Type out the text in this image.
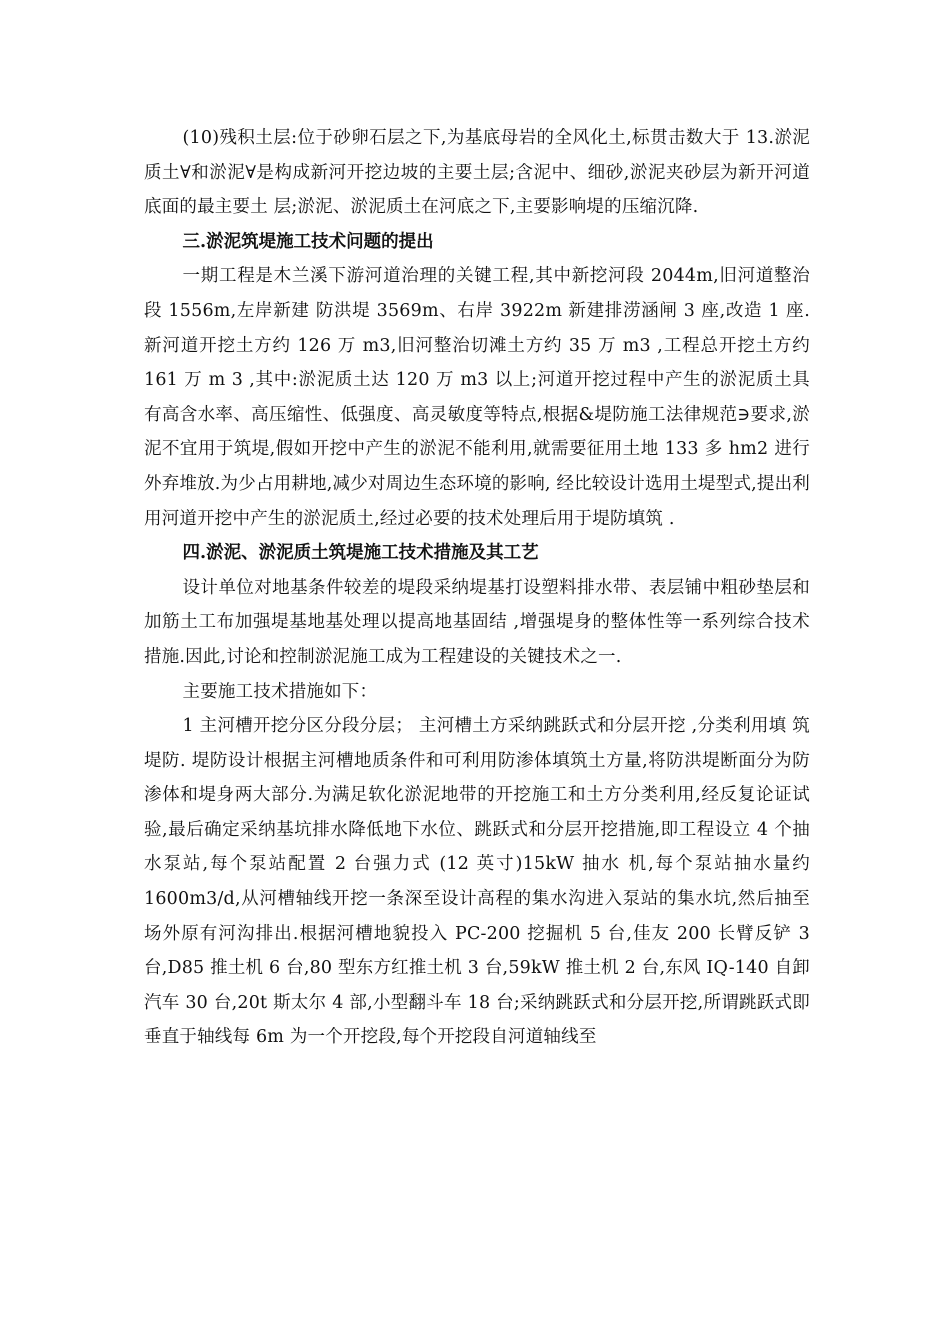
(10)残积土层:位于砂卵石层之下,为基底母岩的全风化土,标贯击数大于 13.淤泥质土∀和淤泥∀是构成新河开挖边坡的主要土层;含泥中、细砂,淤泥夹砂层为新开河道底面的最主要土 层;淤泥、淤泥质土在河底之下,主要影响堤的压缩沉降.

三.淤泥筑堤施工技术问题的提出

一期工程是木兰溪下游河道治理的关键工程,其中新挖河段 2044m,旧河道整治段 1556m,左岸新建 防洪堤 3569m、右岸 3922m 新建排涝涵闸 3 座,改造 1 座.新河道开挖土方约 126 万 m3,旧河整治切滩土方约 35 万 m3 ,工程总开挖土方约 161 万 m 3 ,其中:淤泥质土达 120 万 m3 以上;河道开挖过程中产生的淤泥质土具有高含水率、高压缩性、低强度、高灵敏度等特点,根据&堤防施工法律规范∋要求,淤泥不宜用于筑堤,假如开挖中产生的淤泥不能利用,就需要征用土地 133 多 hm2 进行外弃堆放.为少占用耕地,减少对周边生态环境的影响, 经比较设计选用土堤型式,提出利用河道开挖中产生的淤泥质土,经过必要的技术处理后用于堤防填筑 .

四.淤泥、淤泥质土筑堤施工技术措施及其工艺

设计单位对地基条件较差的堤段采纳堤基打设塑料排水带、表层铺中粗砂垫层和加筋土工布加强堤基地基处理以提高地基固结 ,增强堤身的整体性等一系列综合技术措施.因此,讨论和控制淤泥施工成为工程建设的关键技术之一.

主要施工技术措施如下：

1 主河槽开挖分区分段分层； 主河槽土方采纳跳跃式和分层开挖 ,分类利用填 筑堤防. 堤防设计根据主河槽地质条件和可利用防渗体填筑土方量,将防洪堤断面分为防渗体和堤身两大部分.为满足软化淤泥地带的开挖施工和土方分类利用,经反复论证试验,最后确定采纳基坑排水降低地下水位、跳跃式和分层开挖措施,即工程设立 4 个抽水泵站,每个泵站配置 2 台强力式 (12 英寸)15kW 抽水 机,每个泵站抽水量约 1600m3/d,从河槽轴线开挖一条深至设计高程的集水沟进入泵站的集水坑,然后抽至场外原有河沟排出.根据河槽地貌投入 PC-200 挖掘机 5 台,佳友 200 长臂反铲 3 台,D85 推土机 6 台,80 型东方红推土机 3 台,59kW 推土机 2 台,东风 IQ-140 自卸汽车 30 台,20t 斯太尔 4 部,小型翻斗车 18 台;采纳跳跃式和分层开挖,所谓跳跃式即垂直于轴线每 6m 为一个开挖段,每个开挖段自河道轴线至
